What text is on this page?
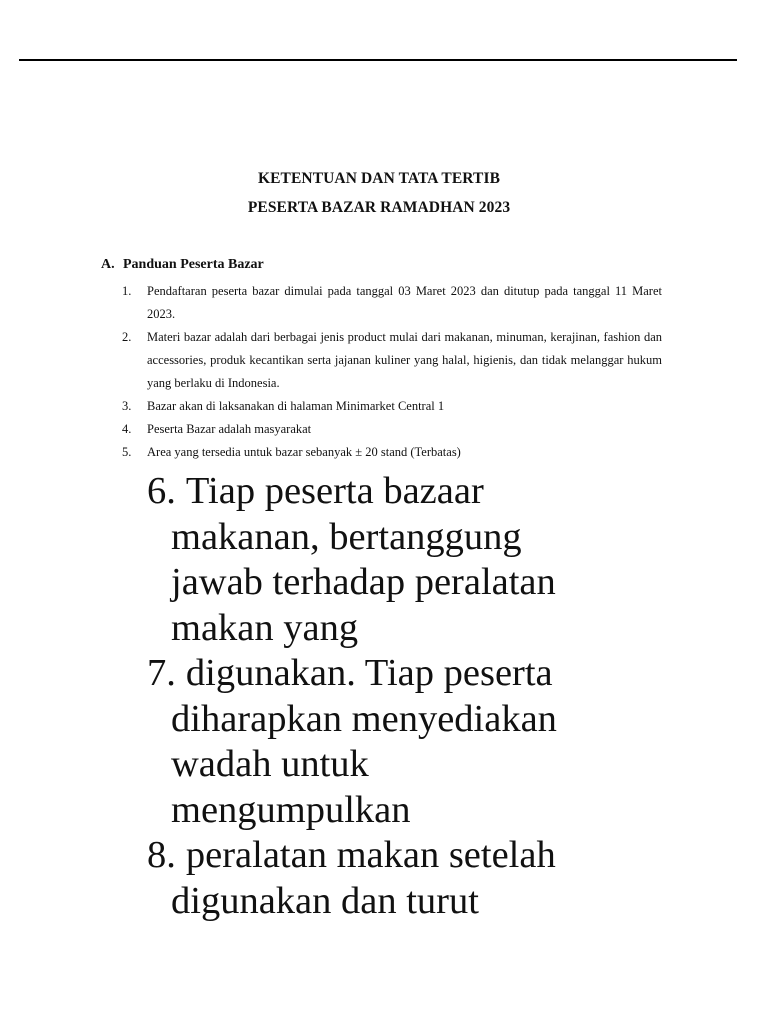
KETENTUAN DAN TATA TERTIB
PESERTA BAZAR RAMADHAN 2023
A. Panduan Peserta Bazar
1.	Pendaftaran peserta bazar dimulai pada tanggal 03 Maret 2023 dan ditutup pada tanggal 11 Maret 2023.
2.	Materi bazar adalah dari berbagai jenis product mulai dari makanan, minuman, kerajinan, fashion dan accessories, produk kecantikan serta jajanan kuliner yang halal, higienis, dan tidak melanggar hukum yang berlaku di Indonesia.
3.	Bazar akan di laksanakan di halaman Minimarket Central 1
4.	Peserta Bazar adalah masyarakat
5.	Area yang tersedia untuk bazar sebanyak ± 20 stand (Terbatas)
6. Tiap peserta bazaar
makanan, bertanggung
jawab terhadap peralatan
makan yang
7. digunakan. Tiap peserta
diharapkan menyediakan
wadah untuk
mengumpulkan
8. peralatan makan setelah
digunakan dan turut
